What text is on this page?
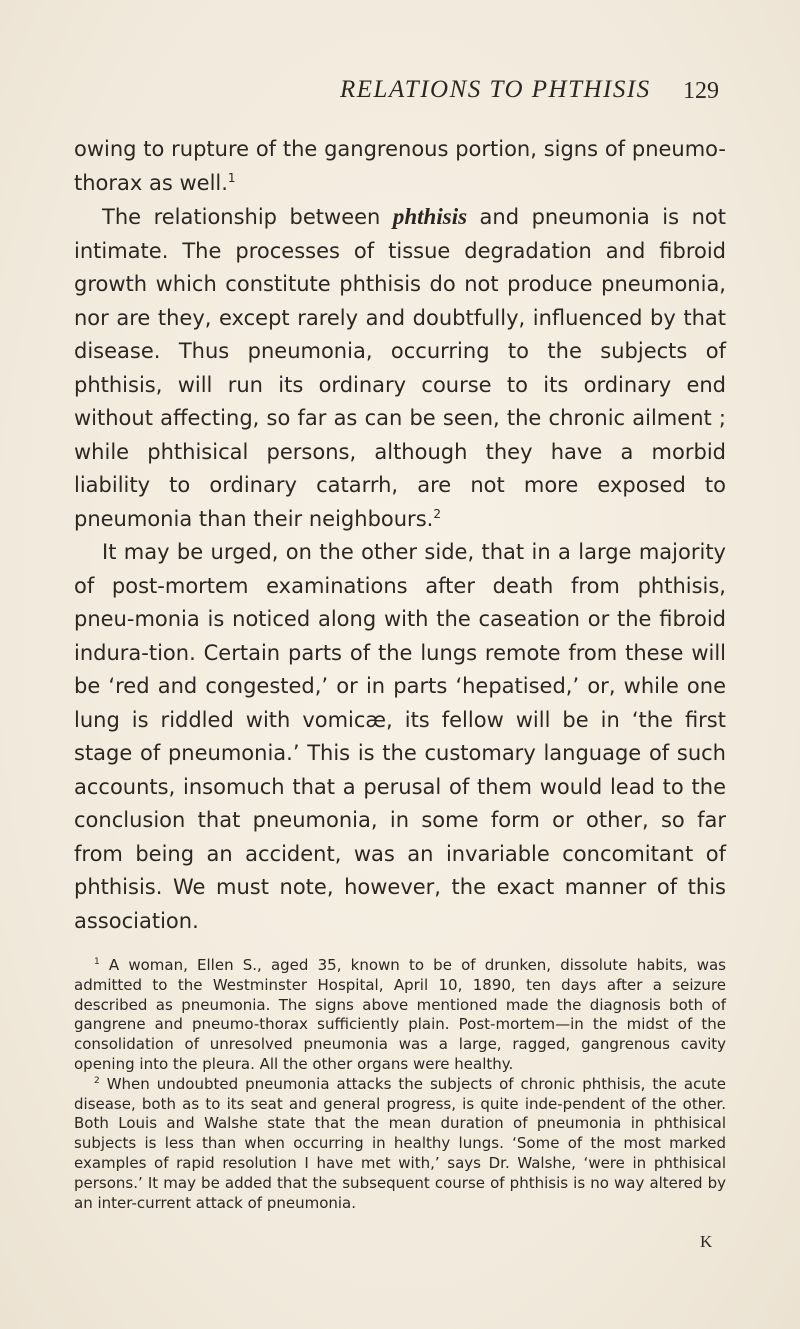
RELATIONS TO PHTHISIS 129

owing to rupture of the gangrenous portion, signs of pneumo-thorax as well.$^1$

The relationship between phthisis and pneumonia is not intimate. The processes of tissue degradation and fibroid growth which constitute phthisis do not produce pneumonia, nor are they, except rarely and doubtfully, influenced by that disease. Thus pneumonia, occurring to the subjects of phthisis, will run its ordinary course to its ordinary end without affecting, so far as can be seen, the chronic ailment ; while phthisical persons, although they have a morbid liability to ordinary catarrh, are not more exposed to pneumonia than their neighbours.$^2$

It may be urged, on the other side, that in a large majority of post-mortem examinations after death from phthisis, pneu-monia is noticed along with the caseation or the fibroid indura-tion. Certain parts of the lungs remote from these will be ‘red and congested,’ or in parts ‘hepatised,’ or, while one lung is riddled with vomicæ, its fellow will be in ‘the first stage of pneumonia.’ This is the customary language of such accounts, insomuch that a perusal of them would lead to the conclusion that pneumonia, in some form or other, so far from being an accident, was an invariable concomitant of phthisis. We must note, however, the exact manner of this association.

$^1$ A woman, Ellen S., aged 35, known to be of drunken, dissolute habits, was admitted to the Westminster Hospital, April 10, 1890, ten days after a seizure described as pneumonia. The signs above mentioned made the diagnosis both of gangrene and pneumo-thorax sufficiently plain. Post-mortem—in the midst of the consolidation of unresolved pneumonia was a large, ragged, gangrenous cavity opening into the pleura. All the other organs were healthy.

$^2$ When undoubted pneumonia attacks the subjects of chronic phthisis, the acute disease, both as to its seat and general progress, is quite inde-pendent of the other. Both Louis and Walshe state that the mean duration of pneumonia in phthisical subjects is less than when occurring in healthy lungs. ‘Some of the most marked examples of rapid resolution I have met with,’ says Dr. Walshe, ‘were in phthisical persons.’ It may be added that the subsequent course of phthisis is no way altered by an inter-current attack of pneumonia.

K
